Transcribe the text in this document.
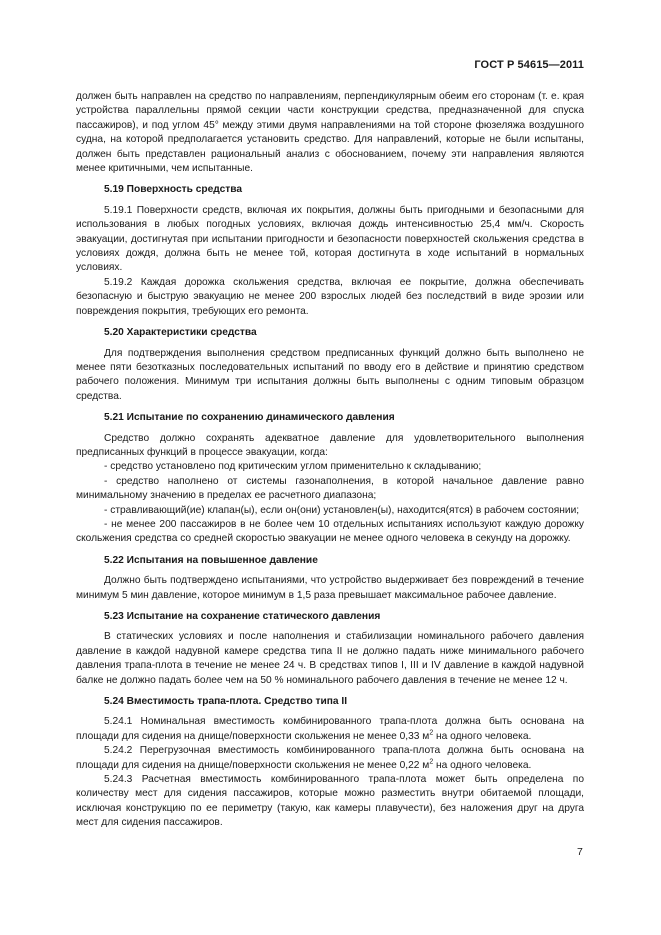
ГОСТ Р 54615—2011

должен быть направлен на средство по направлениям, перпендикулярным обеим его сторонам (т. е. края устройства параллельны прямой секции части конструкции средства, предназначенной для спуска пассажиров), и под углом 45° между этими двумя направлениями на той стороне фюзеляжа воздушного судна, на которой предполагается установить средство. Для направлений, которые не были испытаны, должен быть представлен рациональный анализ с обоснованием, почему эти направления являются менее критичными, чем испытанные.

5.19 Поверхность средства

5.19.1 Поверхности средств, включая их покрытия, должны быть пригодными и безопасными для использования в любых погодных условиях, включая дождь интенсивностью 25,4 мм/ч. Скорость эвакуации, достигнутая при испытании пригодности и безопасности поверхностей скольжения средства в условиях дождя, должна быть не менее той, которая достигнута в ходе испытаний в нормальных условиях.

5.19.2 Каждая дорожка скольжения средства, включая ее покрытие, должна обеспечивать безопасную и быструю эвакуацию не менее 200 взрослых людей без последствий в виде эрозии или повреждения покрытия, требующих его ремонта.

5.20 Характеристики средства

Для подтверждения выполнения средством предписанных функций должно быть выполнено не менее пяти безотказных последовательных испытаний по вводу его в действие и принятию средством рабочего положения. Минимум три испытания должны быть выполнены с одним типовым образцом средства.

5.21 Испытание по сохранению динамического давления

Средство должно сохранять адекватное давление для удовлетворительного выполнения предписанных функций в процессе эвакуации, когда:

- средство установлено под критическим углом применительно к складыванию;

- средство наполнено от системы газонаполнения, в которой начальное давление равно минимальному значению в пределах ее расчетного диапазона;

- стравливающий(ие) клапан(ы), если он(они) установлен(ы), находится(ятся) в рабочем состоянии;

- не менее 200 пассажиров в не более чем 10 отдельных испытаниях используют каждую дорожку скольжения средства со средней скоростью эвакуации не менее одного человека в секунду на дорожку.

5.22 Испытания на повышенное давление

Должно быть подтверждено испытаниями, что устройство выдерживает без повреждений в течение минимум 5 мин давление, которое минимум в 1,5 раза превышает максимальное рабочее давление.

5.23 Испытание на сохранение статического давления

В статических условиях и после наполнения и стабилизации номинального рабочего давления давление в каждой надувной камере средства типа II не должно падать ниже минимального рабочего давления трапа-плота в течение не менее 24 ч. В средствах типов I, III и IV давление в каждой надувной балке не должно падать более чем на 50 % номинального рабочего давления в течение не менее 12 ч.

5.24 Вместимость трапа-плота. Средство типа II

5.24.1 Номинальная вместимость комбинированного трапа-плота должна быть основана на площади для сидения на днище/поверхности скольжения не менее 0,33 $м^2$ на одного человека.

5.24.2 Перегрузочная вместимость комбинированного трапа-плота должна быть основана на площади для сидения на днище/поверхности скольжения не менее 0,22 $м^2$ на одного человека.

5.24.3 Расчетная вместимость комбинированного трапа-плота может быть определена по количеству мест для сидения пассажиров, которые можно разместить внутри обитаемой площади, исключая конструкцию по ее периметру (такую, как камеры плавучести), без наложения друг на друга мест для сидения пассажиров.

7
